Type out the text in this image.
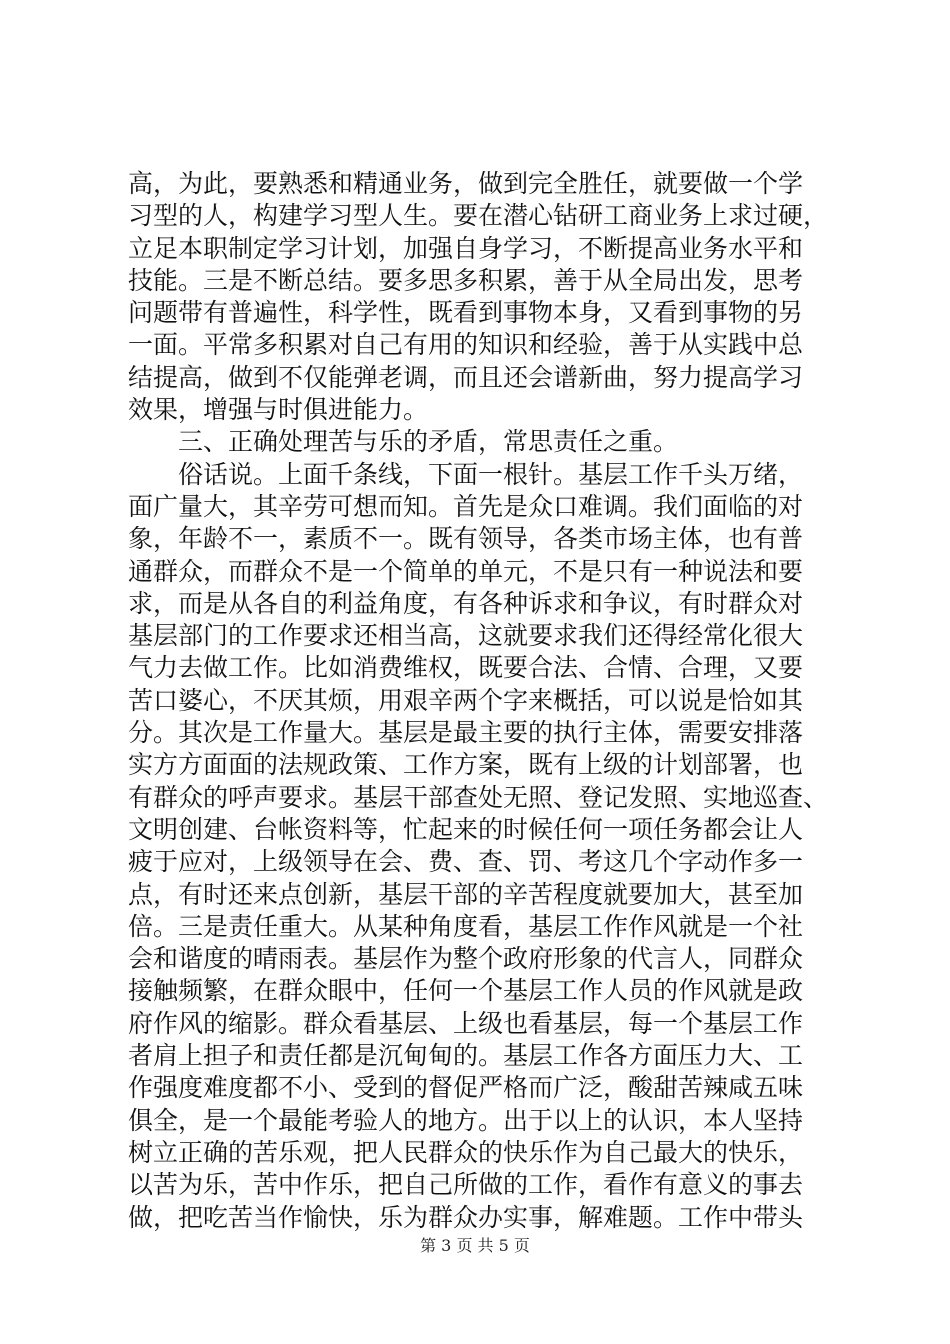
高，为此，要熟悉和精通业务，做到完全胜任，就要做一个学
习型的人，构建学习型人生。要在潜心钻研工商业务上求过硬，
立足本职制定学习计划，加强自身学习，不断提高业务水平和
技能。三是不断总结。要多思多积累，善于从全局出发，思考
问题带有普遍性，科学性，既看到事物本身，又看到事物的另
一面。平常多积累对自己有用的知识和经验，善于从实践中总
结提高，做到不仅能弹老调，而且还会谱新曲，努力提高学习
效果，增强与时俱进能力。
　　三、正确处理苦与乐的矛盾，常思责任之重。
　　俗话说。上面千条线，下面一根针。基层工作千头万绪，
面广量大，其辛劳可想而知。首先是众口难调。我们面临的对
象，年龄不一，素质不一。既有领导，各类市场主体，也有普
通群众，而群众不是一个简单的单元，不是只有一种说法和要
求，而是从各自的利益角度，有各种诉求和争议，有时群众对
基层部门的工作要求还相当高，这就要求我们还得经常化很大
气力去做工作。比如消费维权，既要合法、合情、合理，又要
苦口婆心，不厌其烦，用艰辛两个字来概括，可以说是恰如其
分。其次是工作量大。基层是最主要的执行主体，需要安排落
实方方面面的法规政策、工作方案，既有上级的计划部署，也
有群众的呼声要求。基层干部查处无照、登记发照、实地巡查、
文明创建、台帐资料等，忙起来的时候任何一项任务都会让人
疲于应对，上级领导在会、费、查、罚、考这几个字动作多一
点，有时还来点创新，基层干部的辛苦程度就要加大，甚至加
倍。三是责任重大。从某种角度看，基层工作作风就是一个社
会和谐度的晴雨表。基层作为整个政府形象的代言人，同群众
接触频繁，在群众眼中，任何一个基层工作人员的作风就是政
府作风的缩影。群众看基层、上级也看基层，每一个基层工作
者肩上担子和责任都是沉甸甸的。基层工作各方面压力大、工
作强度难度都不小、受到的督促严格而广泛，酸甜苦辣咸五味
俱全，是一个最能考验人的地方。出于以上的认识，本人坚持
树立正确的苦乐观，把人民群众的快乐作为自己最大的快乐，
以苦为乐，苦中作乐，把自己所做的工作，看作有意义的事去
做，把吃苦当作愉快，乐为群众办实事，解难题。工作中带头
第 3 页 共 5 页
